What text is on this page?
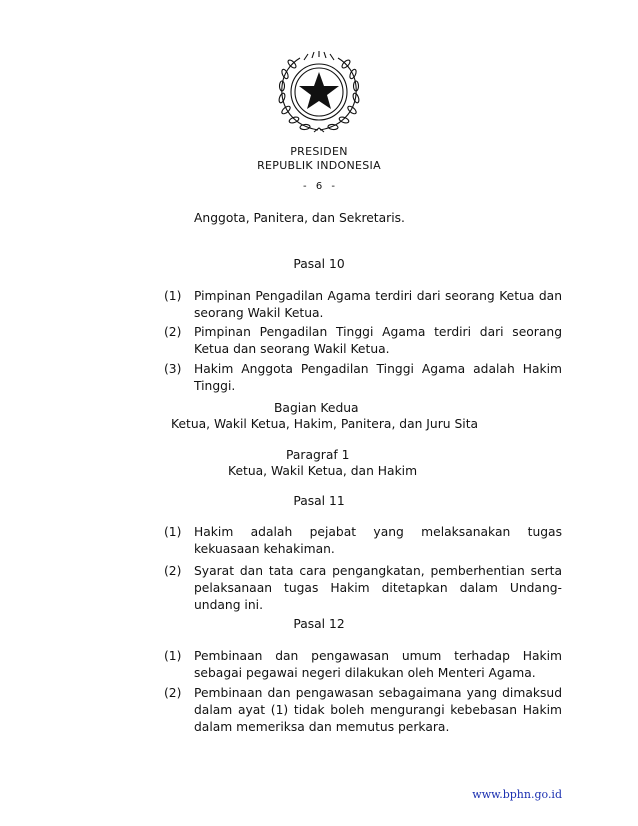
PRESIDEN
REPUBLIK INDONESIA
- 6 -
Anggota, Panitera, dan Sekretaris.
Pasal 10
(1) Pimpinan Pengadilan Agama terdiri dari seorang Ketua dan seorang Wakil Ketua.
(2) Pimpinan Pengadilan Tinggi Agama terdiri dari seorang Ketua dan seorang Wakil Ketua.
(3) Hakim Anggota Pengadilan Tinggi Agama adalah Hakim Tinggi.
Bagian Kedua
Ketua, Wakil Ketua, Hakim, Panitera, dan Juru Sita
Paragraf 1
Ketua, Wakil Ketua, dan Hakim
Pasal 11
(1) Hakim adalah pejabat yang melaksanakan tugas kekuasaan kehakiman.
(2) Syarat dan tata cara pengangkatan, pemberhentian serta pelaksanaan tugas Hakim ditetapkan dalam Undang-undang ini.
Pasal 12
(1) Pembinaan dan pengawasan umum terhadap Hakim sebagai pegawai negeri dilakukan oleh Menteri Agama.
(2) Pembinaan dan pengawasan sebagaimana yang dimaksud dalam ayat (1) tidak boleh mengurangi kebebasan Hakim dalam memeriksa dan memutus perkara.
www.bphn.go.id
